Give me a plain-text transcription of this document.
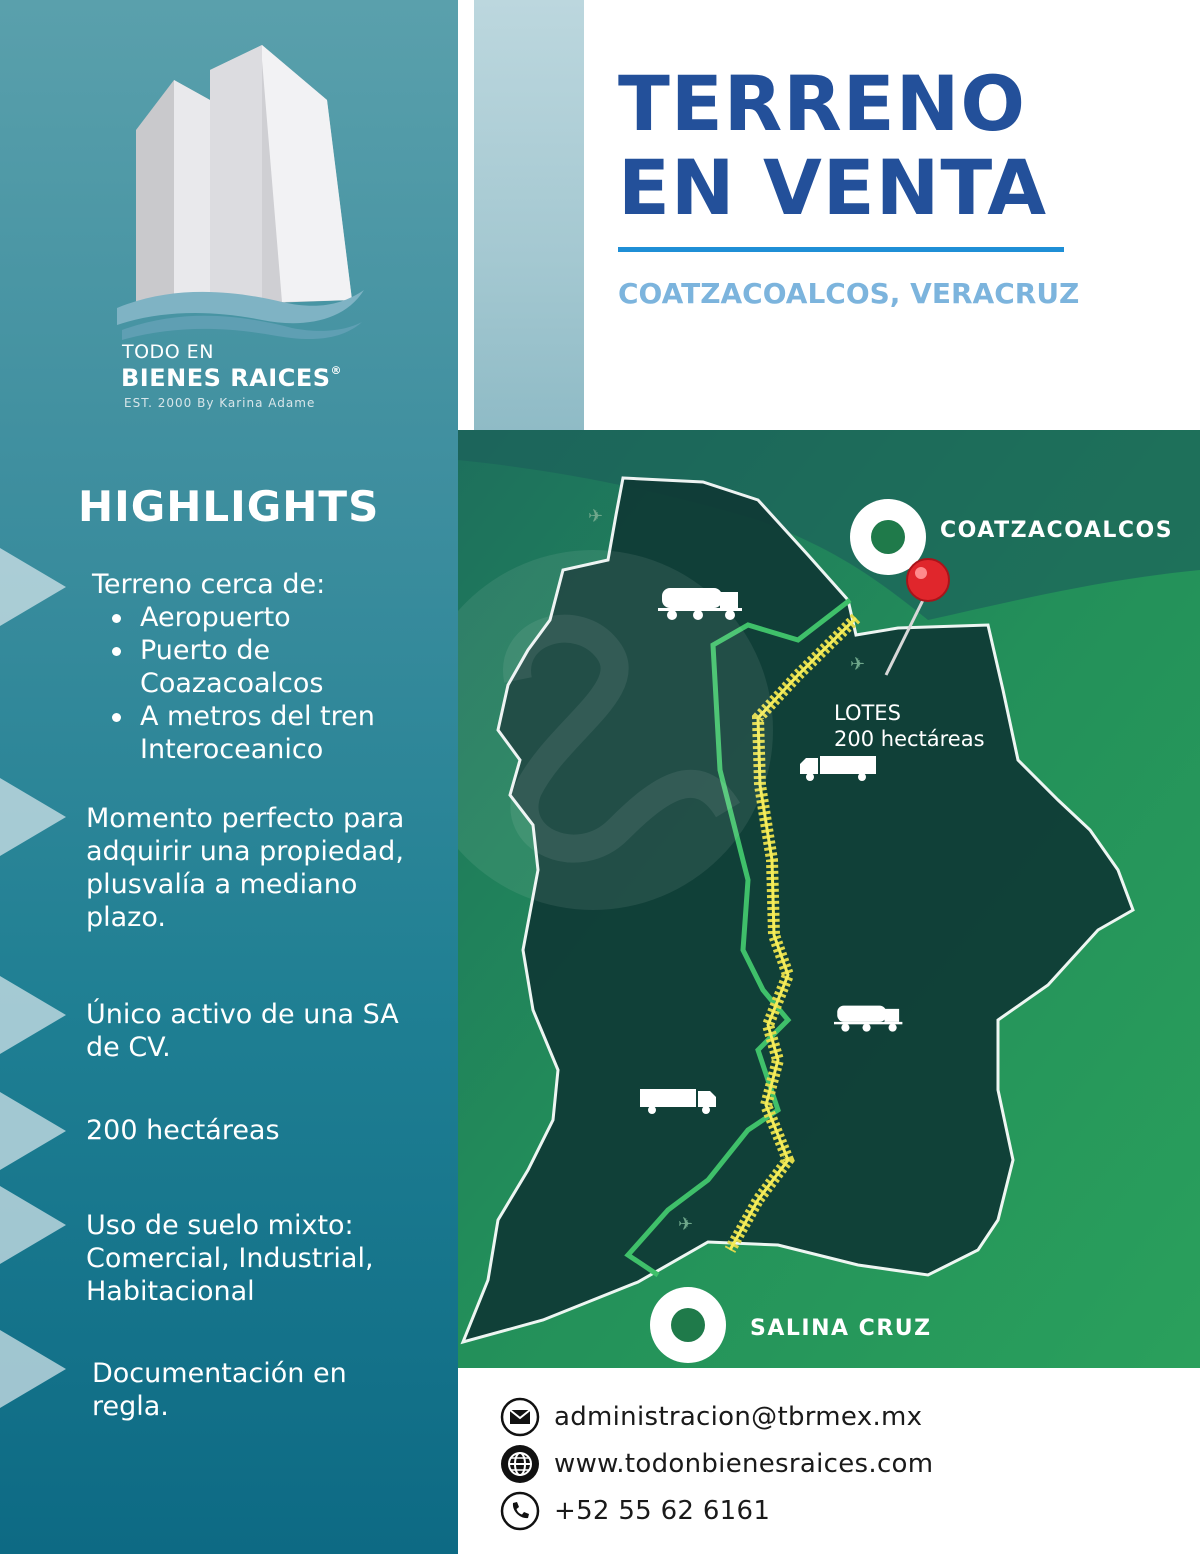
TODO EN
BIENES RAICES®
EST. 2000 By Karina Adame
HIGHLIGHTS
Terreno cerca de:
Aeropuerto
Puerto de Coazacoalcos
A metros del tren Interoceanico
Momento perfecto para adquirir una propiedad, plusvalía a mediano plazo.
Único activo de una SA de CV.
200 hectáreas
Uso de suelo mixto: Comercial, Industrial, Habitacional
Documentación en regla.
TERRENO
EN VENTA
COATZACOALCOS, VERACRUZ
✈
✈
✈
COATZACOALCOS
SALINA CRUZ
LOTES
200 hectáreas
administracion@tbrmex.mx
www.todonbienesraices.com
+52 55 62 6161
